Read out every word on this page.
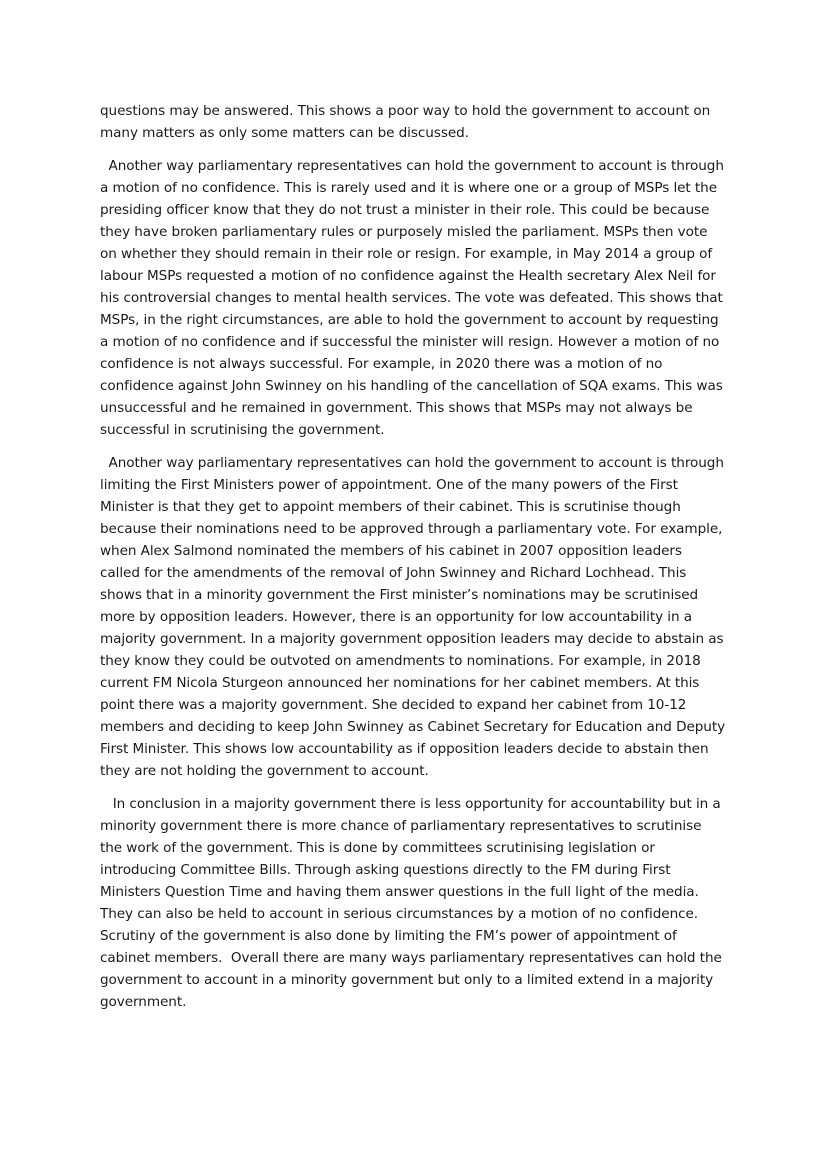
questions may be answered. This shows a poor way to hold the government to account on
many matters as only some matters can be discussed.
Another way parliamentary representatives can hold the government to account is through
a motion of no confidence. This is rarely used and it is where one or a group of MSPs let the
presiding officer know that they do not trust a minister in their role. This could be because
they have broken parliamentary rules or purposely misled the parliament. MSPs then vote
on whether they should remain in their role or resign. For example, in May 2014 a group of
labour MSPs requested a motion of no confidence against the Health secretary Alex Neil for
his controversial changes to mental health services. The vote was defeated. This shows that
MSPs, in the right circumstances, are able to hold the government to account by requesting
a motion of no confidence and if successful the minister will resign. However a motion of no
confidence is not always successful. For example, in 2020 there was a motion of no
confidence against John Swinney on his handling of the cancellation of SQA exams. This was
unsuccessful and he remained in government. This shows that MSPs may not always be
successful in scrutinising the government.
Another way parliamentary representatives can hold the government to account is through
limiting the First Ministers power of appointment. One of the many powers of the First
Minister is that they get to appoint members of their cabinet. This is scrutinise though
because their nominations need to be approved through a parliamentary vote. For example,
when Alex Salmond nominated the members of his cabinet in 2007 opposition leaders
called for the amendments of the removal of John Swinney and Richard Lochhead. This
shows that in a minority government the First minister’s nominations may be scrutinised
more by opposition leaders. However, there is an opportunity for low accountability in a
majority government. In a majority government opposition leaders may decide to abstain as
they know they could be outvoted on amendments to nominations. For example, in 2018
current FM Nicola Sturgeon announced her nominations for her cabinet members. At this
point there was a majority government. She decided to expand her cabinet from 10-12
members and deciding to keep John Swinney as Cabinet Secretary for Education and Deputy
First Minister. This shows low accountability as if opposition leaders decide to abstain then
they are not holding the government to account.
In conclusion in a majority government there is less opportunity for accountability but in a
minority government there is more chance of parliamentary representatives to scrutinise
the work of the government. This is done by committees scrutinising legislation or
introducing Committee Bills. Through asking questions directly to the FM during First
Ministers Question Time and having them answer questions in the full light of the media.
They can also be held to account in serious circumstances by a motion of no confidence.
Scrutiny of the government is also done by limiting the FM’s power of appointment of
cabinet members.  Overall there are many ways parliamentary representatives can hold the
government to account in a minority government but only to a limited extend in a majority
government.
